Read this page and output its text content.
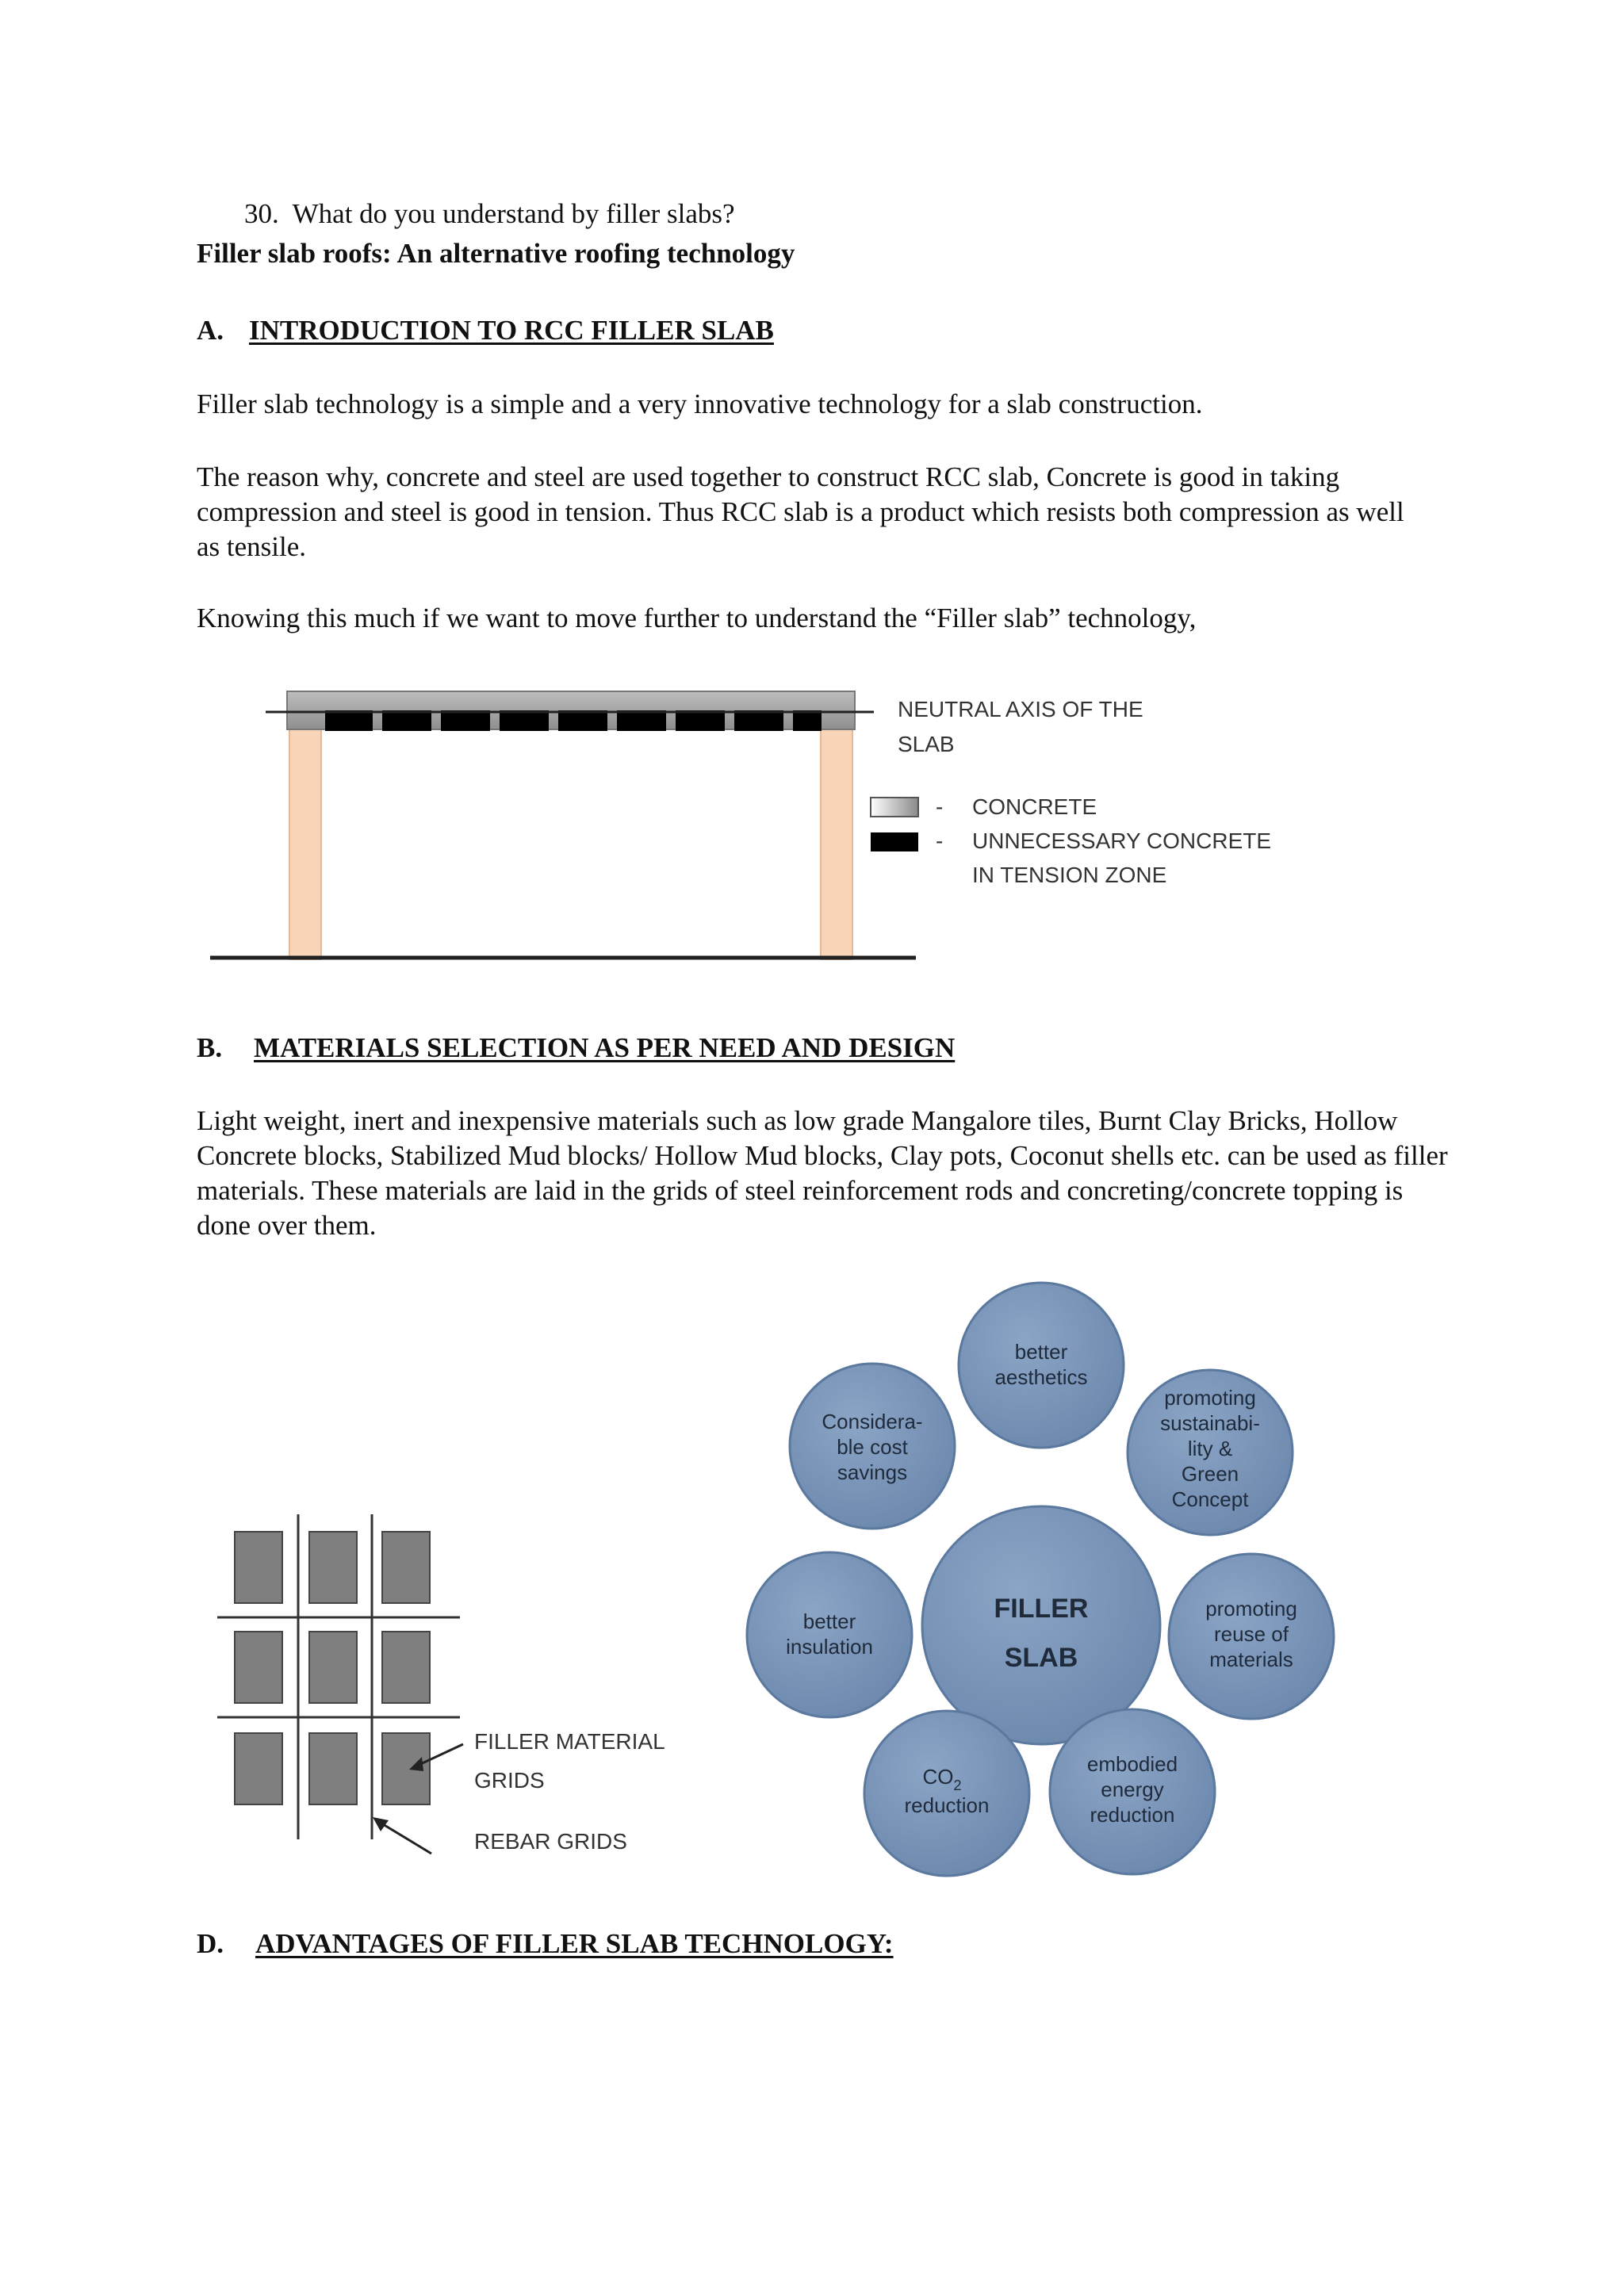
30. What do you understand by filler slabs?
Filler slab roofs: An alternative roofing technology
A. INTRODUCTION TO RCC FILLER SLAB
Filler slab technology is a simple and a very innovative technology for a slab construction.
The reason why, concrete and steel are used together to construct RCC slab, Concrete is good in taking compression and steel is good in tension. Thus RCC slab is a product which resists both compression as well as tensile.
Knowing this much if we want to move further to understand the “Filler slab” technology,
NEUTRAL AXIS OF THE
SLAB
- CONCRETE
- UNNECESSARY CONCRETE
IN TENSION ZONE
B. MATERIALS SELECTION AS PER NEED AND DESIGN
Light weight, inert and inexpensive materials such as low grade Mangalore tiles, Burnt Clay Bricks, Hollow Concrete blocks, Stabilized Mud blocks/ Hollow Mud blocks, Clay pots, Coconut shells etc. can be used as filler materials. These materials are laid in the grids of steel reinforcement rods and concreting/concrete topping is done over them.
FILLER MATERIAL
GRIDS
REBAR GRIDS
FILLER
SLAB
better
aesthetics
Considera-
ble cost
savings
promoting
sustainabi-
lity &
Green
Concept
better
insulation
promoting
reuse of
materials
$CO_2$
reduction
embodied
energy
reduction
D. ADVANTAGES OF FILLER SLAB TECHNOLOGY:
